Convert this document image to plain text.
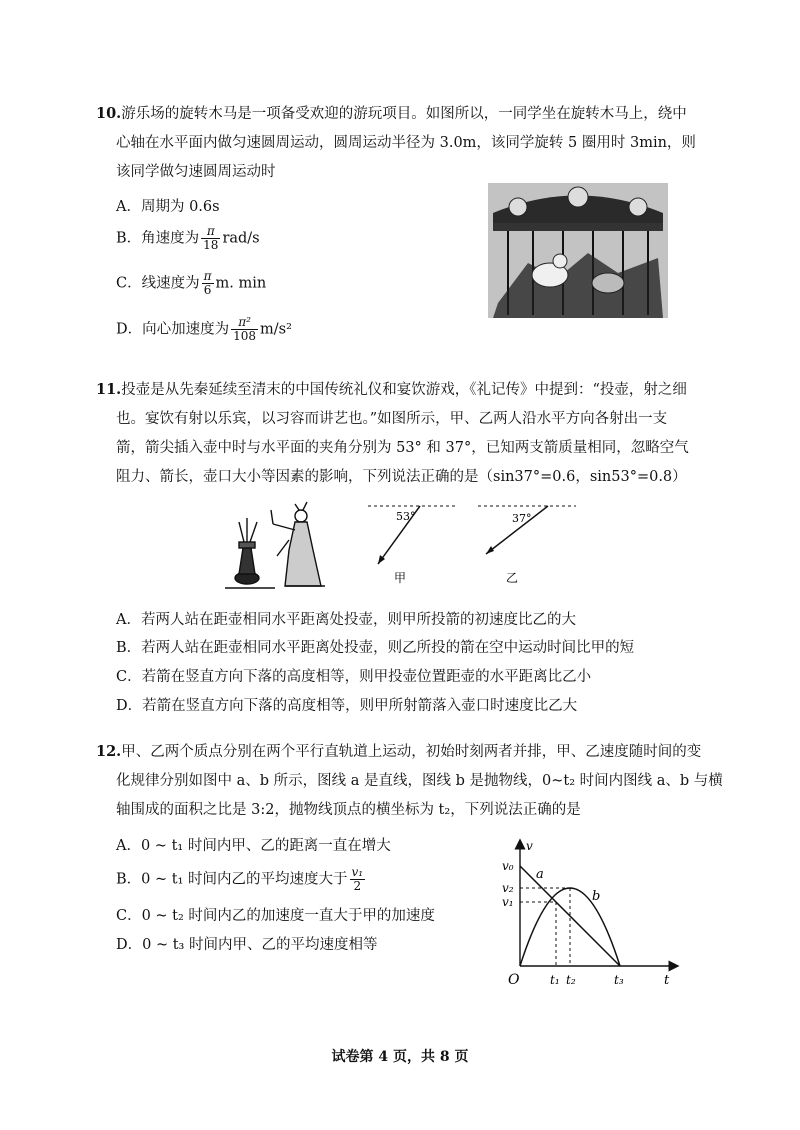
10.游乐场的旋转木马是一项备受欢迎的游玩项目。如图所以，一同学坐在旋转木马上，绕中
心轴在水平面内做匀速圆周运动，圆周运动半径为 3.0m，该同学旋转 5 圈用时 3min，则
该同学做匀速圆周运动时
A．周期为 0.6s
B．角速度为 $\frac{\pi}{18} rad/s$
C．线速度为 $\frac{\pi}{6} m$. min
D．向心加速度为 $\frac{\text{π²}}{108} m/s^2$
11.投壶是从先秦延续至清末的中国传统礼仪和宴饮游戏，《礼记传》中提到：“投壶，射之细
也。宴饮有射以乐宾，以习容而讲艺也。”如图所示，甲、乙两人沿水平方向各射出一支
箭，箭尖插入壶中时与水平面的夹角分别为 53° 和 37°，已知两支箭质量相同，忽略空气
阻力、箭长，壶口大小等因素的影响，下列说法正确的是（sin37°=0.6，sin53°=0.8）
53°
甲
37°
乙
A．若两人站在距壶相同水平距离处投壶，则甲所投箭的初速度比乙的大
B．若两人站在距壶相同水平距离处投壶，则乙所投的箭在空中运动时间比甲的短
C．若箭在竖直方向下落的高度相等，则甲投壶位置距壶的水平距离比乙小
D．若箭在竖直方向下落的高度相等，则甲所射箭落入壶口时速度比乙大
12.甲、乙两个质点分别在两个平行直轨道上运动，初始时刻两者并排，甲、乙速度随时间的变
化规律分别如图中 a、b 所示，图线 a 是直线，图线 b 是抛物线，0~t₂ 时间内图线 a、b 与横
轴围成的面积之比是 3:2，抛物线顶点的横坐标为 t₂，下列说法正确的是
A．0 ~ t₁ 时间内甲、乙的距离一直在增大
B．0 ~ t₁ 时间内乙的平均速度大于 $\frac{\text{v₁}}{2}$
C．0 ~ t₂ 时间内乙的加速度一直大于甲的加速度
D．0 ~ t₃ 时间内甲、乙的平均速度相等
v
t
O
v₀
v₂
v₁
t₁ t₂	t₃
a
b
试卷第 4 页，共 8 页
